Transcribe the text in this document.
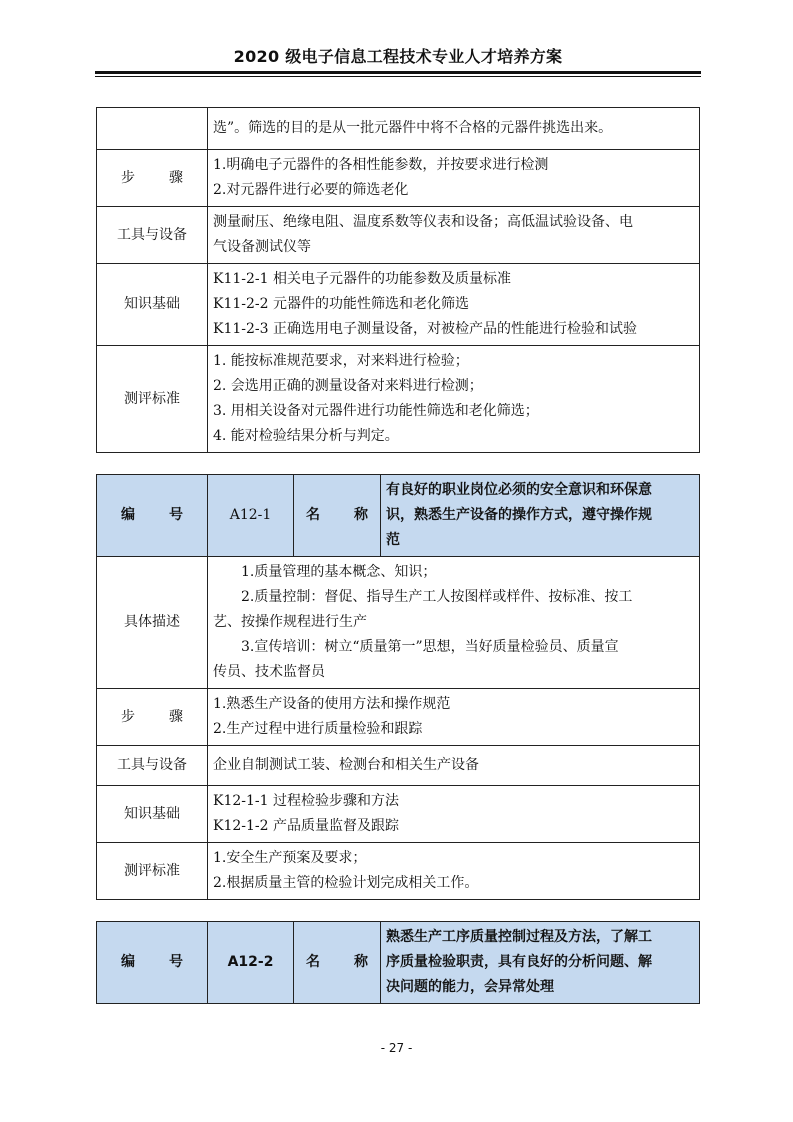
2020 级电子信息工程技术专业人才培养方案

	选”。筛选的目的是从一批元器件中将不合格的元器件挑选出来。

步 骤	1.明确电子元器件的各相性能参数，并按要求进行检测
2.对元器件进行必要的筛选老化

工具与设备	测量耐压、绝缘电阻、温度系数等仪表和设备；高低温试验设备、电
气设备测试仪等

知识基础	K11-2-1 相关电子元器件的功能参数及质量标准
K11-2-2 元器件的功能性筛选和老化筛选
K11-2-3 正确选用电子测量设备，对被检产品的性能进行检验和试验

测评标准	1. 能按标准规范要求，对来料进行检验；
2. 会选用正确的测量设备对来料进行检测；
3. 用相关设备对元器件进行功能性筛选和老化筛选；
4. 能对检验结果分析与判定。
编 号	A12-1	名 称	有良好的职业岗位必须的安全意识和环保意
识，熟悉生产设备的操作方式，遵守操作规
范

具体描述	1.质量管理的基本概念、知识；
2.质量控制：督促、指导生产工人按图样或样件、按标准、按工
艺、按操作规程进行生产
3.宣传培训：树立“质量第一”思想，当好质量检验员、质量宣
传员、技术监督员		

步 骤	1.熟悉生产设备的使用方法和操作规范
2.生产过程中进行质量检验和跟踪		

工具与设备	企业自制测试工装、检测台和相关生产设备		

知识基础	K12-1-1 过程检验步骤和方法
K12-1-2 产品质量监督及跟踪		

测评标准	1.安全生产预案及要求；
2.根据质量主管的检验计划完成相关工作。		
编 号	A12-2	名 称	
熟悉生产工序质量控制过程及方法，了解工
序质量检验职责，具有良好的分析问题、解
决问题的能力，会异常处理
- 27 -
